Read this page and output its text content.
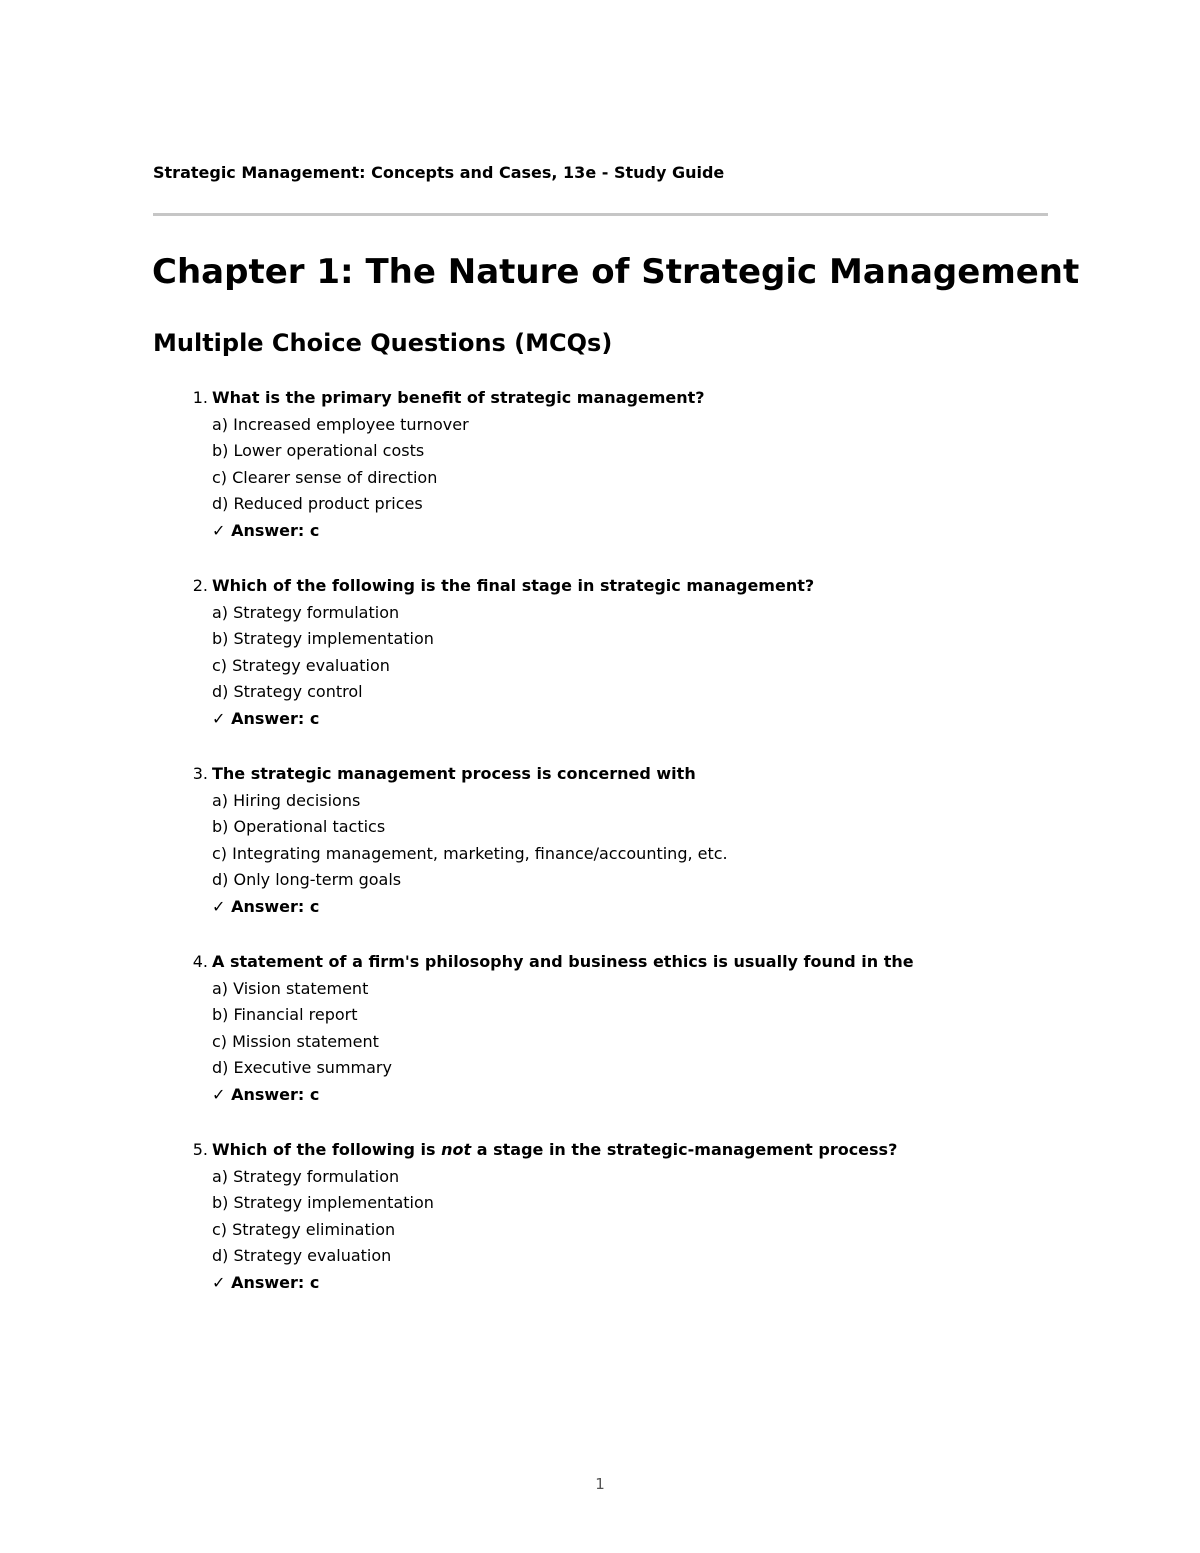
Strategic Management: Concepts and Cases, 13e - Study Guide
Chapter 1: The Nature of Strategic Management
Multiple Choice Questions (MCQs)
1. What is the primary benefit of strategic management?
a) Increased employee turnover
b) Lower operational costs
c) Clearer sense of direction
d) Reduced product prices
✓ Answer: c
2. Which of the following is the final stage in strategic management?
a) Strategy formulation
b) Strategy implementation
c) Strategy evaluation
d) Strategy control
✓ Answer: c
3. The strategic management process is concerned with
a) Hiring decisions
b) Operational tactics
c) Integrating management, marketing, finance/accounting, etc.
d) Only long-term goals
✓ Answer: c
4. A statement of a firm's philosophy and business ethics is usually found in the
a) Vision statement
b) Financial report
c) Mission statement
d) Executive summary
✓ Answer: c
5. Which of the following is not a stage in the strategic-management process?
a) Strategy formulation
b) Strategy implementation
c) Strategy elimination
d) Strategy evaluation
✓ Answer: c
1
